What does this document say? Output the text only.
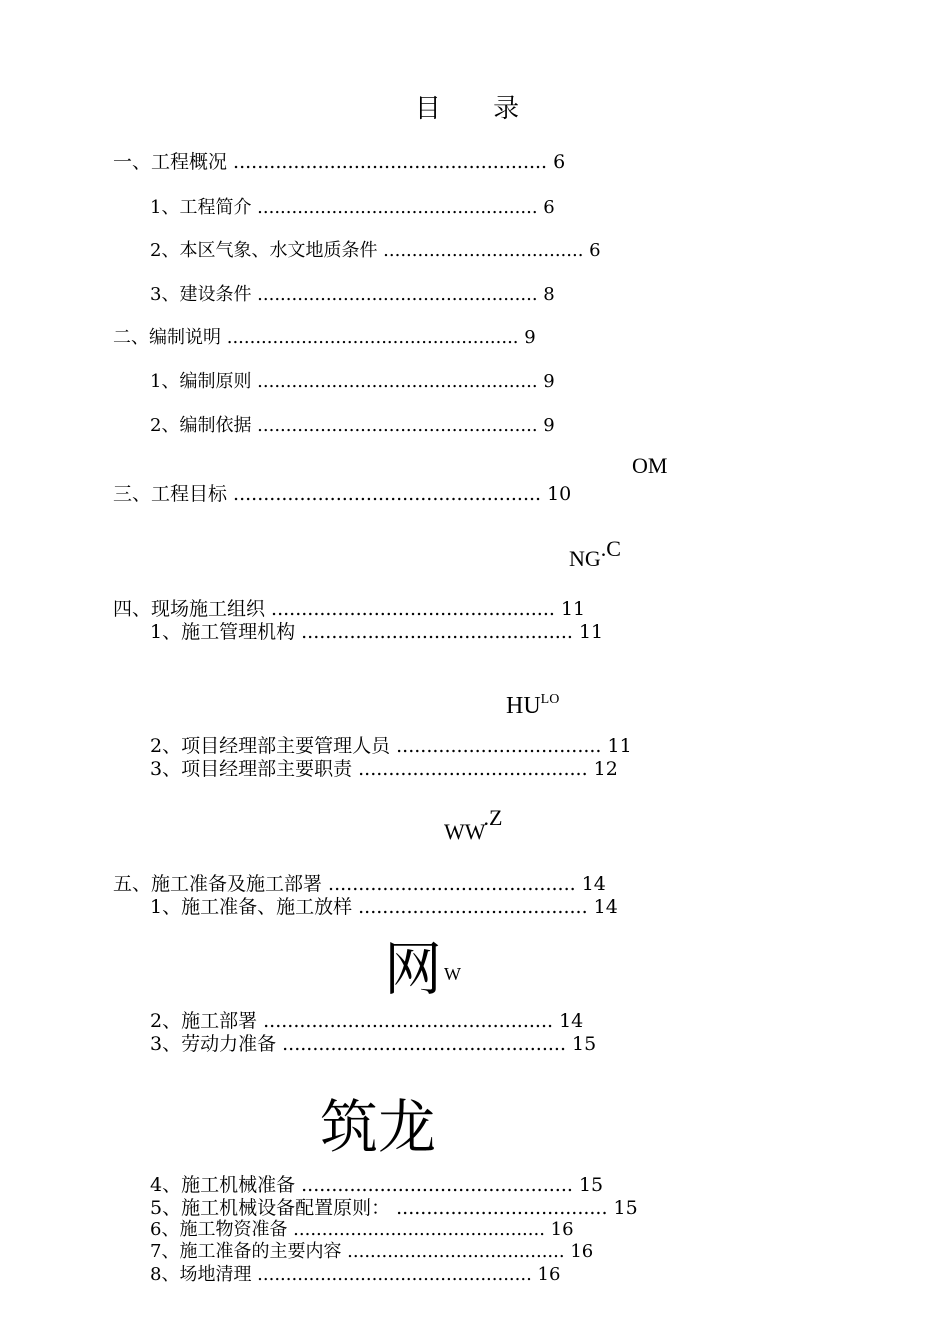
目 录
一、工程概况 .................................................... 6
1、工程简介 ................................................. 6
2、本区气象、水文地质条件 ................................... 6
3、建设条件 ................................................. 8
二、编制说明 ................................................... 9
1、编制原则 ................................................. 9
2、编制依据 ................................................. 9
三、工程目标 ................................................... 10
四、现场施工组织 ............................................... 11
1、施工管理机构 ............................................. 11
2、项目经理部主要管理人员 .................................. 11
3、项目经理部主要职责 ...................................... 12
五、施工准备及施工部署 ......................................... 14
1、施工准备、施工放样 ...................................... 14
2、施工部署 ................................................ 14
3、劳动力准备 ............................................... 15
4、施工机械准备 ............................................. 15
5、施工机械设备配置原则： ................................... 15
6、施工物资准备 ............................................ 16
7、施工准备的主要内容 ...................................... 16
8、场地清理 ................................................ 16
OM
NG.C
$HU^{LO}$
WW.Z
网 W
筑龙
